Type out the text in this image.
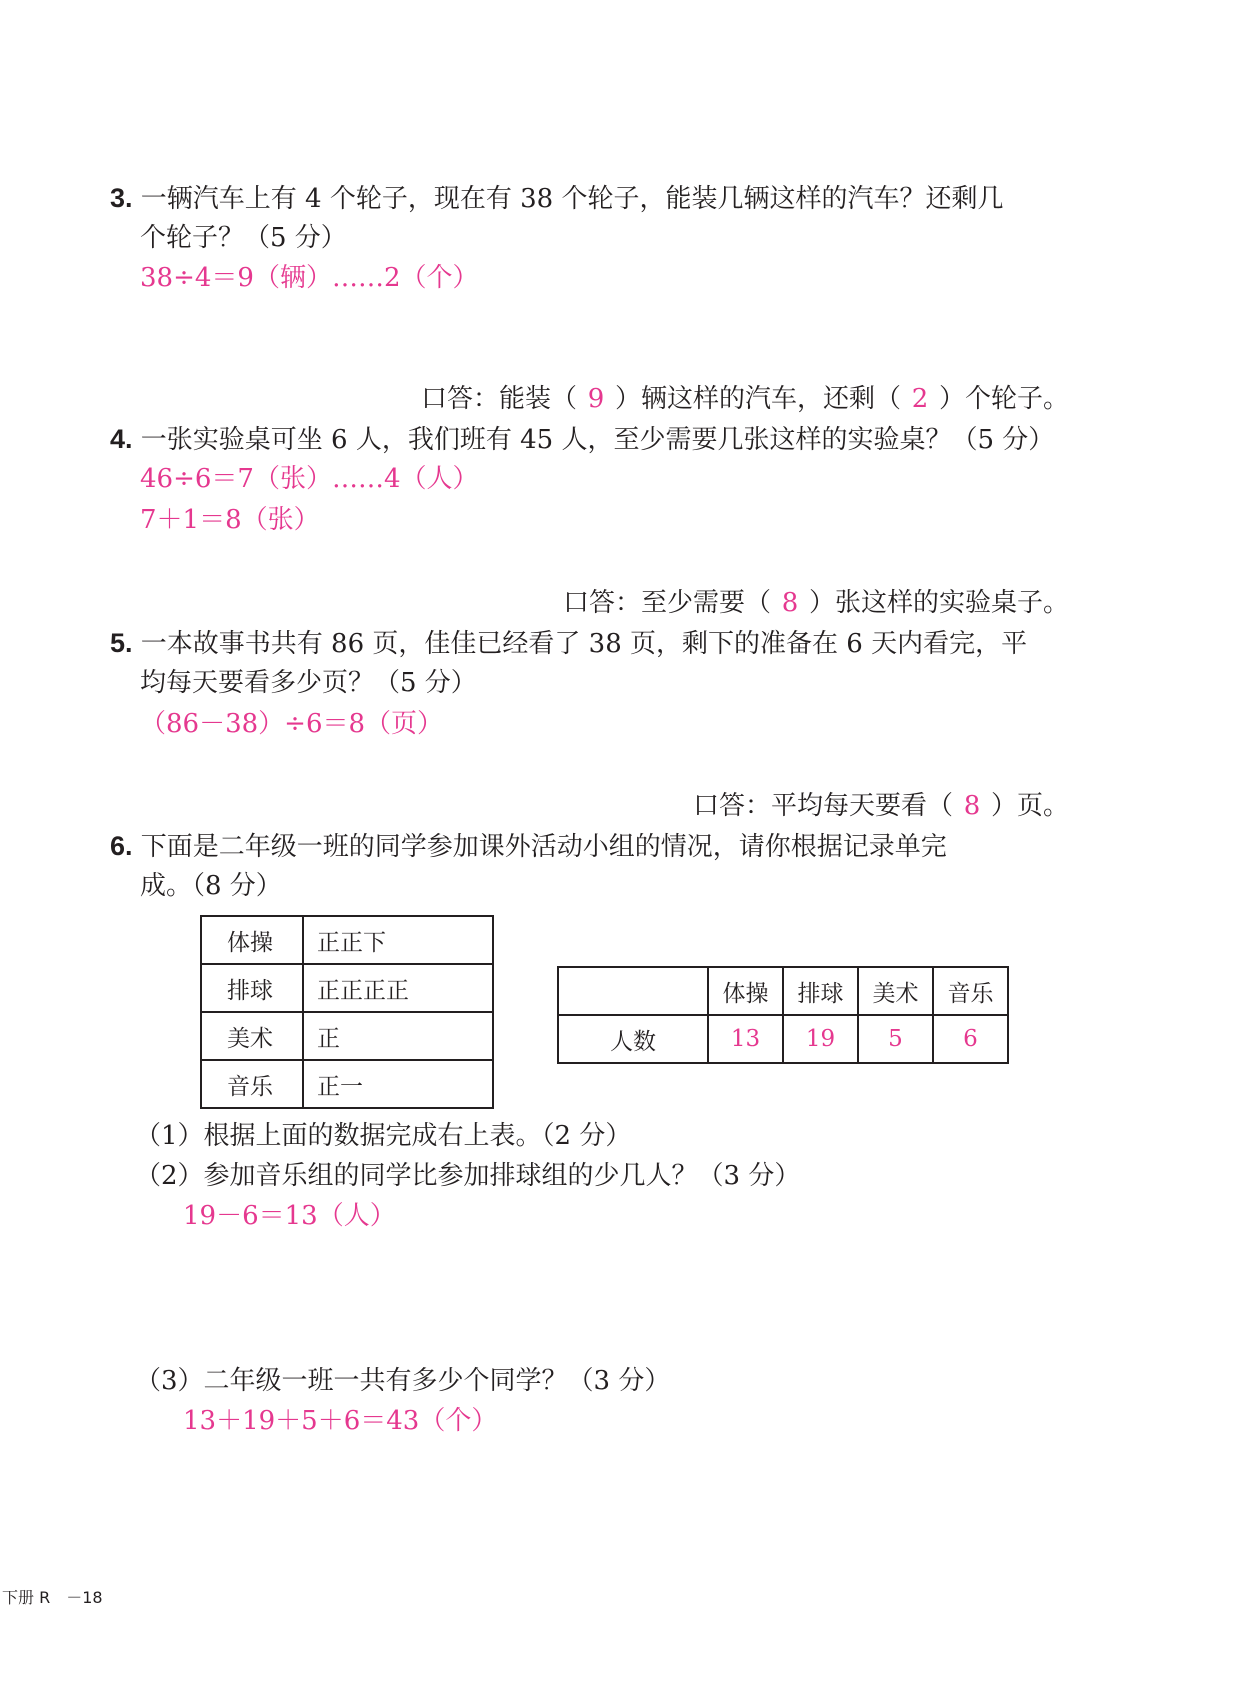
3. 一辆汽车上有 4 个轮子，现在有 38 个轮子，能装几辆这样的汽车？还剩几
个轮子？（5 分）
38÷4＝9（辆）……2（个）
口答：能装（ 9 ）辆这样的汽车，还剩（ 2 ）个轮子。
4. 一张实验桌可坐 6 人，我们班有 45 人，至少需要几张这样的实验桌？（5 分）
46÷6＝7（张）……4（人）
7＋1＝8（张）
口答：至少需要（ 8 ）张这样的实验桌子。
5. 一本故事书共有 86 页，佳佳已经看了 38 页，剩下的准备在 6 天内看完，平
均每天要看多少页？（5 分）
（86－38）÷6＝8（页）
口答：平均每天要看（ 8 ）页。
6. 下面是二年级一班的同学参加课外活动小组的情况，请你根据记录单完
成。（8 分）
体操	正正下
排球	正正正正
美术	正
音乐	正一
	体操	排球	美术	音乐
人数	13	19	5	6
（1）根据上面的数据完成右上表。（2 分）
（2）参加音乐组的同学比参加排球组的少几人？（3 分）
19－6＝13（人）
（3）二年级一班一共有多少个同学？（3 分）
13＋19＋5＋6＝43（个）
下册 R　－18
